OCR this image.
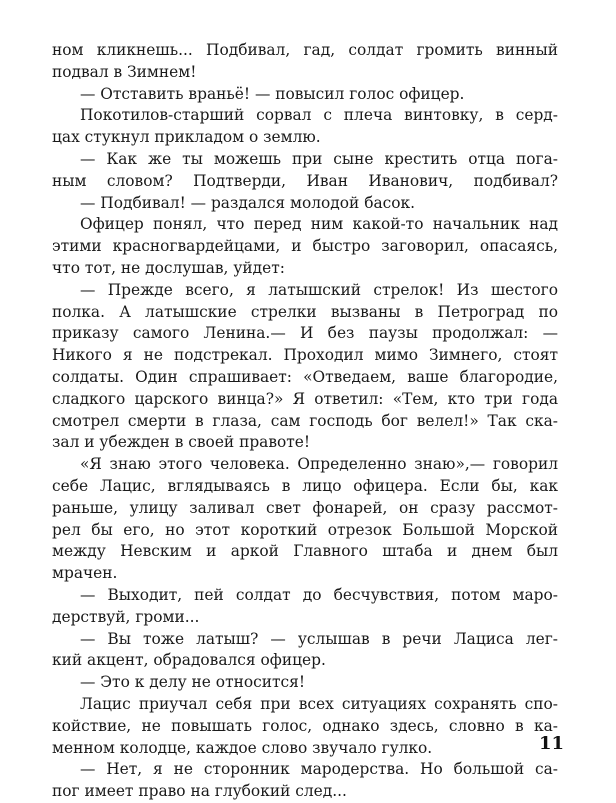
ном кликнешь... Подбивал, гад, солдат громить винный
подвал в Зимнем!
— Отставить враньё! — повысил голос офицер.
Покотилов-старший сорвал с плеча винтовку, в серд-
цах стукнул прикладом о землю.
— Как же ты можешь при сыне крестить отца пога-
ным словом? Подтверди, Иван Иванович, подбивал?
— Подбивал! — раздался молодой басок.
Офицер понял, что перед ним какой-то начальник над
этими красногвардейцами, и быстро заговорил, опасаясь,
что тот, не дослушав, уйдет:
— Прежде всего, я латышский стрелок! Из шестого
полка. А латышские стрелки вызваны в Петроград по
приказу самого Ленина.— И без паузы продолжал: —
Никого я не подстрекал. Проходил мимо Зимнего, стоят
солдаты. Один спрашивает: «Отведаем, ваше благородие,
сладкого царского винца?» Я ответил: «Тем, кто три года
смотрел смерти в глаза, сам господь бог велел!» Так ска-
зал и убежден в своей правоте!
«Я знаю этого человека. Определенно знаю»,— говорил
себе Лацис, вглядываясь в лицо офицера. Если бы, как
раньше, улицу заливал свет фонарей, он сразу рассмот-
рел бы его, но этот короткий отрезок Большой Морской
между Невским и аркой Главного штаба и днем был
мрачен.
— Выходит, пей солдат до бесчувствия, потом маро-
дерствуй, громи...
— Вы тоже латыш? — услышав в речи Лациса лег-
кий акцент, обрадовался офицер.
— Это к делу не относится!
Лацис приучал себя при всех ситуациях сохранять спо-
койствие, не повышать голос, однако здесь, словно в ка-
менном колодце, каждое слово звучало гулко.
— Нет, я не сторонник мародерства. Но большой са-
пог имеет право на глубокий след...
11
